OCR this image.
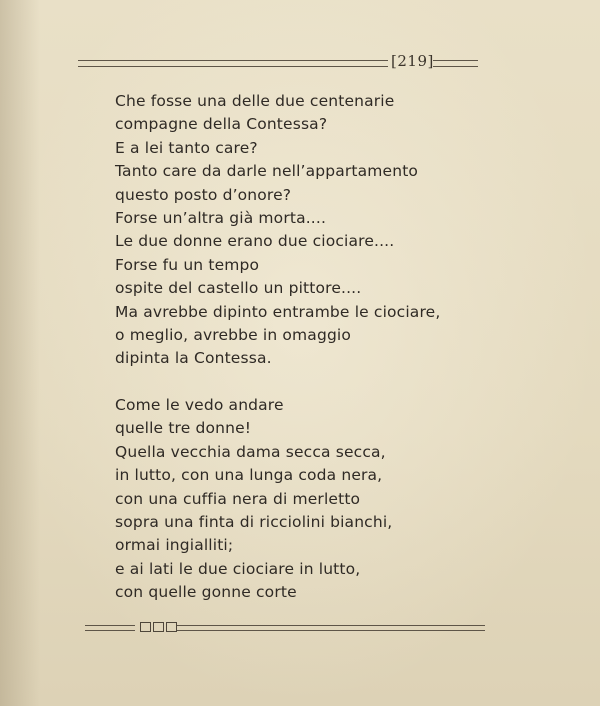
[219]
Che fosse una delle due centenarie
compagne della Contessa?
E a lei tanto care?
Tanto care da darle nell’appartamento
questo posto d’onore?
Forse un’altra già morta....
Le due donne erano due ciociare....
Forse fu un tempo
ospite del castello un pittore....
Ma avrebbe dipinto entrambe le ciociare,
o meglio, avrebbe in omaggio
dipinta la Contessa.
Come le vedo andare
quelle tre donne!
Quella vecchia dama secca secca,
in lutto, con una lunga coda nera,
con una cuffia nera di merletto
sopra una finta di ricciolini bianchi,
ormai ingialliti;
e ai lati le due ciociare in lutto,
con quelle gonne corte
